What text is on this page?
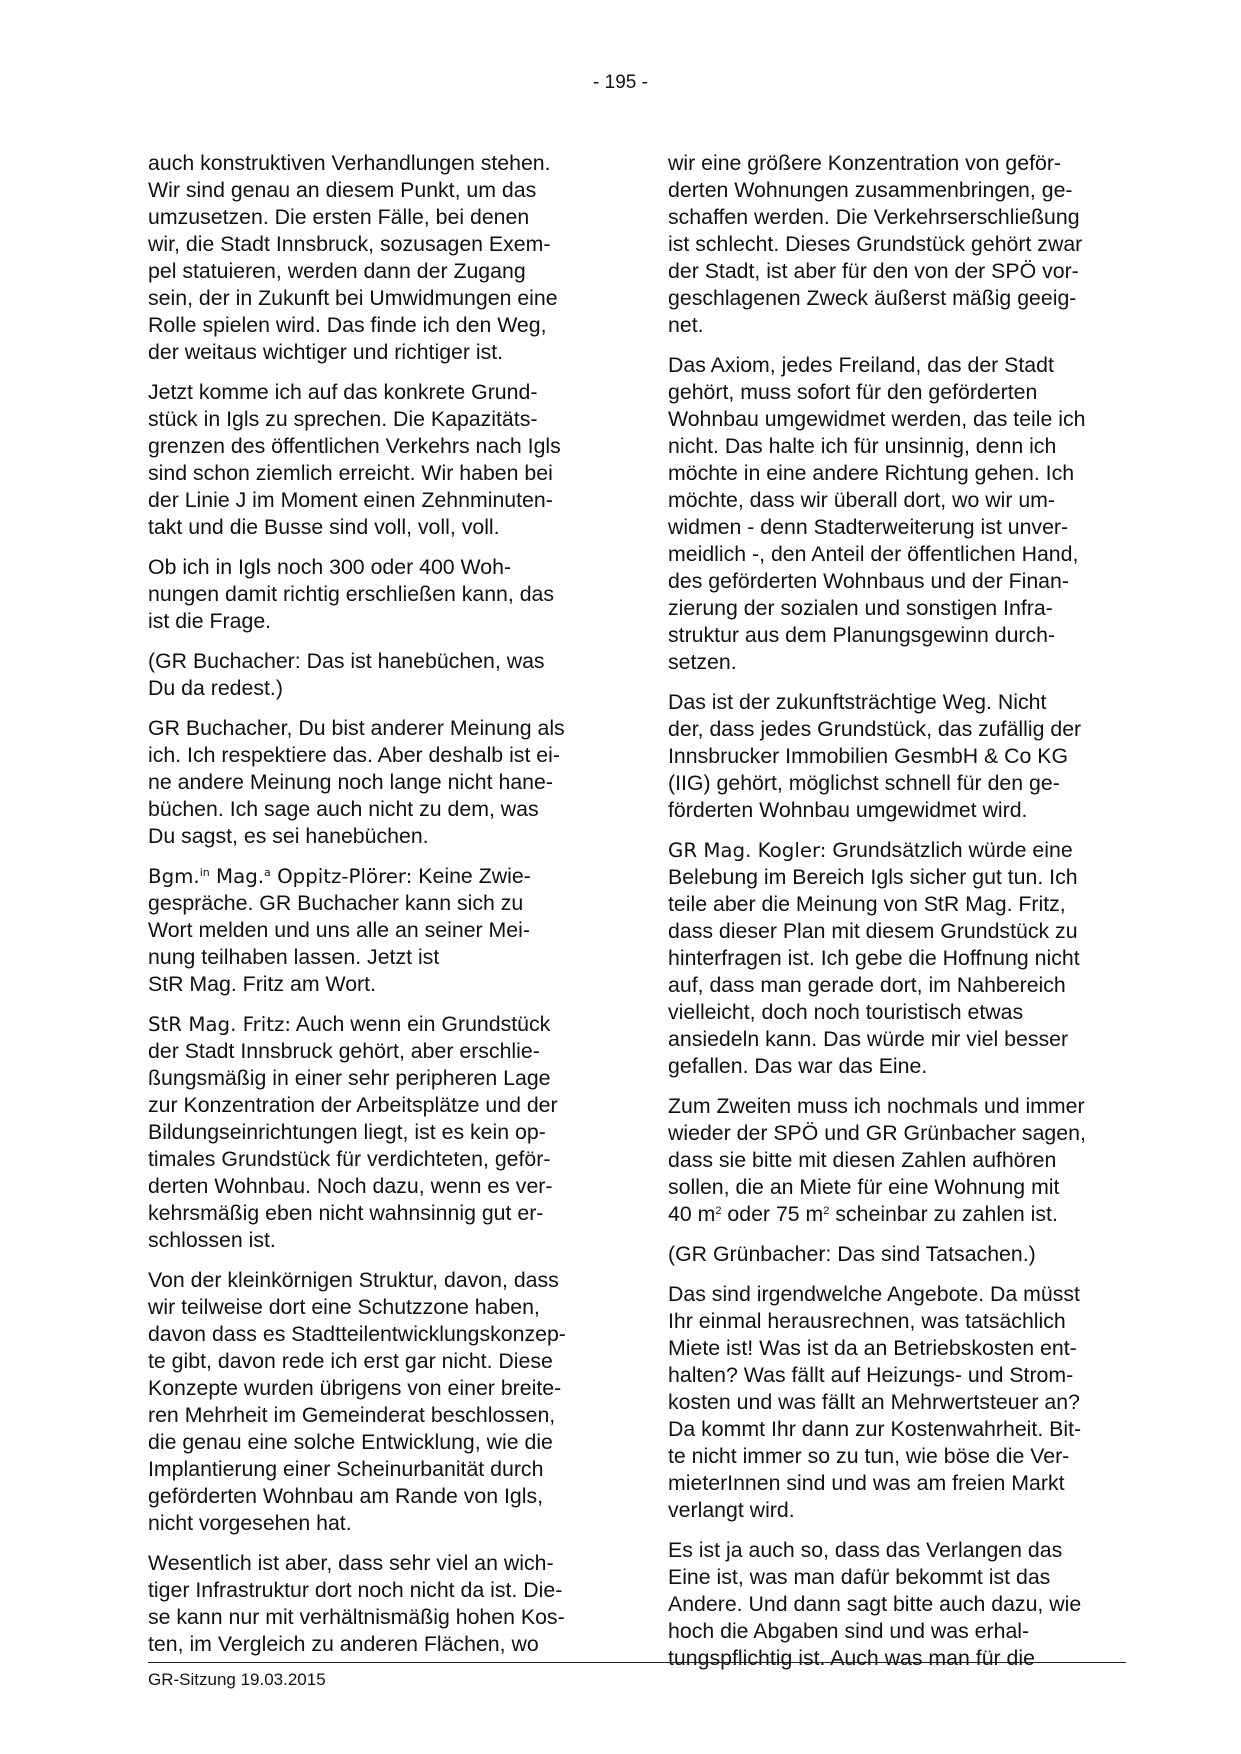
- 195 -

auch konstruktiven Verhandlungen stehen.
Wir sind genau an diesem Punkt, um das
umzusetzen. Die ersten Fälle, bei denen
wir, die Stadt Innsbruck, sozusagen Exem-
pel statuieren, werden dann der Zugang
sein, der in Zukunft bei Umwidmungen eine
Rolle spielen wird. Das finde ich den Weg,
der weitaus wichtiger und richtiger ist.

Jetzt komme ich auf das konkrete Grund-
stück in Igls zu sprechen. Die Kapazitäts-
grenzen des öffentlichen Verkehrs nach Igls
sind schon ziemlich erreicht. Wir haben bei
der Linie J im Moment einen Zehnminuten-
takt und die Busse sind voll, voll, voll.

Ob ich in Igls noch 300 oder 400 Woh-
nungen damit richtig erschließen kann, das
ist die Frage.

(GR Buchacher: Das ist hanebüchen, was
Du da redest.)

GR Buchacher, Du bist anderer Meinung als
ich. Ich respektiere das. Aber deshalb ist ei-
ne andere Meinung noch lange nicht hane-
büchen. Ich sage auch nicht zu dem, was
Du sagst, es sei hanebüchen.

Bgm.$^{in}$ Mag.$^a$ Oppitz-Plörer: Keine Zwie-
gespräche. GR Buchacher kann sich zu
Wort melden und uns alle an seiner Mei-
nung teilhaben lassen. Jetzt ist
StR Mag. Fritz am Wort.

StR Mag. Fritz: Auch wenn ein Grundstück
der Stadt Innsbruck gehört, aber erschlie-
ßungsmäßig in einer sehr peripheren Lage
zur Konzentration der Arbeitsplätze und der
Bildungseinrichtungen liegt, ist es kein op-
timales Grundstück für verdichteten, geför-
derten Wohnbau. Noch dazu, wenn es ver-
kehrsmäßig eben nicht wahnsinnig gut er-
schlossen ist.

Von der kleinkörnigen Struktur, davon, dass
wir teilweise dort eine Schutzzone haben,
davon dass es Stadtteilentwicklungskonzep-
te gibt, davon rede ich erst gar nicht. Diese
Konzepte wurden übrigens von einer breite-
ren Mehrheit im Gemeinderat beschlossen,
die genau eine solche Entwicklung, wie die
Implantierung einer Scheinurbanität durch
geförderten Wohnbau am Rande von Igls,
nicht vorgesehen hat.

Wesentlich ist aber, dass sehr viel an wich-
tiger Infrastruktur dort noch nicht da ist. Die-
se kann nur mit verhältnismäßig hohen Kos-
ten, im Vergleich zu anderen Flächen, wo

wir eine größere Konzentration von geför-
derten Wohnungen zusammenbringen, ge-
schaffen werden. Die Verkehrserschließung
ist schlecht. Dieses Grundstück gehört zwar
der Stadt, ist aber für den von der SPÖ vor-
geschlagenen Zweck äußerst mäßig geeig-
net.

Das Axiom, jedes Freiland, das der Stadt
gehört, muss sofort für den geförderten
Wohnbau umgewidmet werden, das teile ich
nicht. Das halte ich für unsinnig, denn ich
möchte in eine andere Richtung gehen. Ich
möchte, dass wir überall dort, wo wir um-
widmen - denn Stadterweiterung ist unver-
meidlich -, den Anteil der öffentlichen Hand,
des geförderten Wohnbaus und der Finan-
zierung der sozialen und sonstigen Infra-
struktur aus dem Planungsgewinn durch-
setzen.

Das ist der zukunftsträchtige Weg. Nicht
der, dass jedes Grundstück, das zufällig der
Innsbrucker Immobilien GesmbH & Co KG
(IIG) gehört, möglichst schnell für den ge-
förderten Wohnbau umgewidmet wird.

GR Mag. Kogler: Grundsätzlich würde eine
Belebung im Bereich Igls sicher gut tun. Ich
teile aber die Meinung von StR Mag. Fritz,
dass dieser Plan mit diesem Grundstück zu
hinterfragen ist. Ich gebe die Hoffnung nicht
auf, dass man gerade dort, im Nahbereich
vielleicht, doch noch touristisch etwas
ansiedeln kann. Das würde mir viel besser
gefallen. Das war das Eine.

Zum Zweiten muss ich nochmals und immer
wieder der SPÖ und GR Grünbacher sagen,
dass sie bitte mit diesen Zahlen aufhören
sollen, die an Miete für eine Wohnung mit
40 $m^2$ oder 75 $m^2$ scheinbar zu zahlen ist.

(GR Grünbacher: Das sind Tatsachen.)

Das sind irgendwelche Angebote. Da müsst
Ihr einmal herausrechnen, was tatsächlich
Miete ist! Was ist da an Betriebskosten ent-
halten? Was fällt auf Heizungs- und Strom-
kosten und was fällt an Mehrwertsteuer an?
Da kommt Ihr dann zur Kostenwahrheit. Bit-
te nicht immer so zu tun, wie böse die Ver-
mieterInnen sind und was am freien Markt
verlangt wird.

Es ist ja auch so, dass das Verlangen das
Eine ist, was man dafür bekommt ist das
Andere. Und dann sagt bitte auch dazu, wie
hoch die Abgaben sind und was erhal-
tungspflichtig ist. Auch was man für die

GR-Sitzung 19.03.2015
